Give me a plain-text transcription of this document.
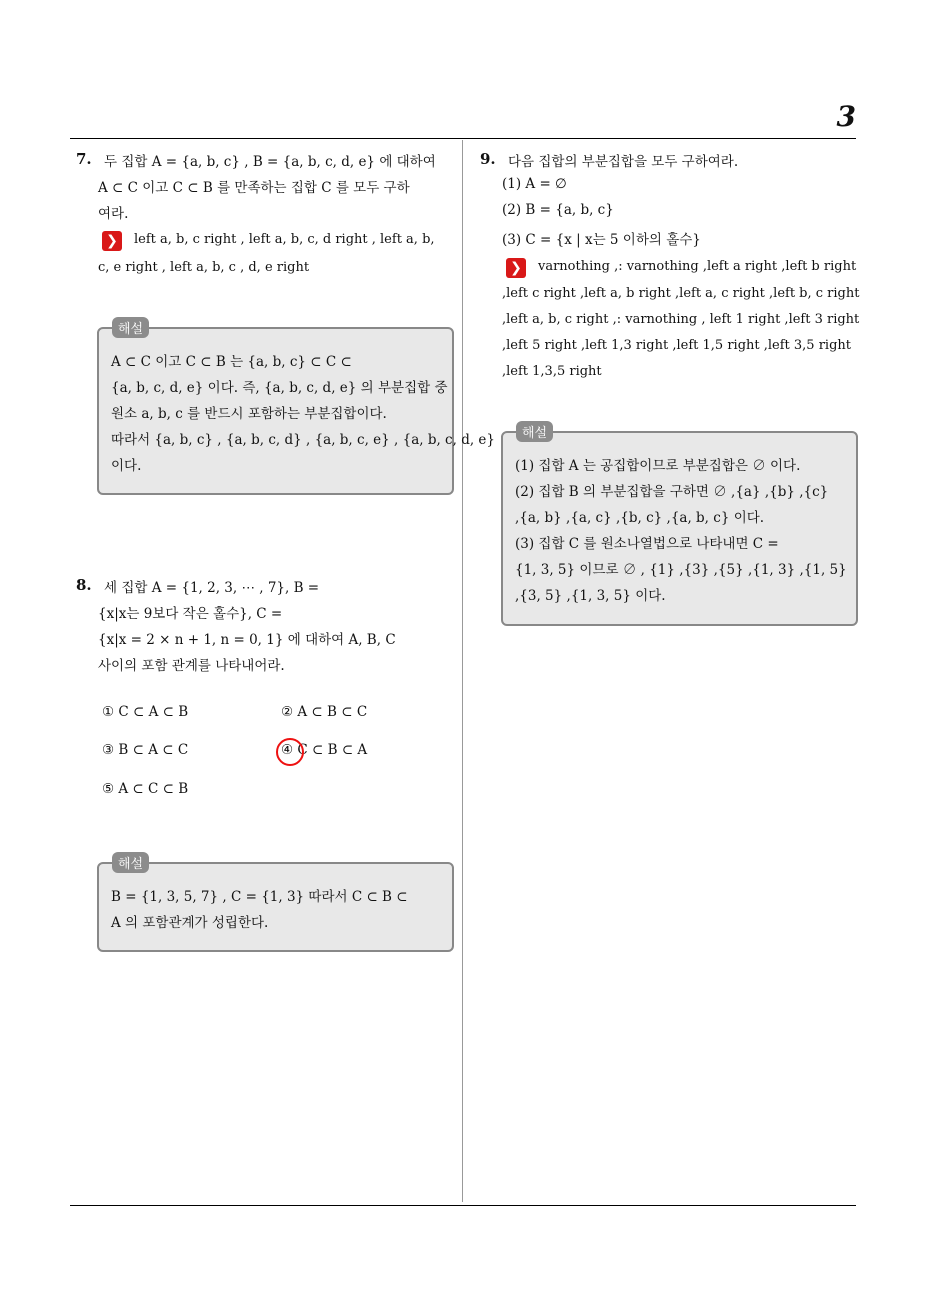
3
7. 두 집합 A = {a, b, c} , B = {a, b, c, d, e} 에 대하여
A ⊂ C 이고 C ⊂ B 를 만족하는 집합 C 를 모두 구하
여라.
❯	left a, b, c right , left a, b, c, d right , left a, b,
c, e right , left a, b, c , d, e right
해설
A ⊂ C 이고 C ⊂ B 는 {a, b, c} ⊂ C ⊂
{a, b, c, d, e} 이다. 즉, {a, b, c, d, e} 의 부분집합 중
원소 a, b, c 를 반드시 포함하는 부분집합이다.
따라서 {a, b, c} , {a, b, c, d} , {a, b, c, e} , {a, b, c, d, e}
이다.
8. 세 집합 A = {1, 2, 3, ⋯ , 7}, B =
{x|x는 9보다 작은 홀수}, C =
{x|x = 2 × n + 1, n = 0, 1} 에 대하여 A, B, C
사이의 포함 관계를 나타내어라.
① C ⊂ A ⊂ B	② A ⊂ B ⊂ C
③ B ⊂ A ⊂ C	④ C ⊂ B ⊂ A
⑤ A ⊂ C ⊂ B
해설
B = {1, 3, 5, 7} , C = {1, 3} 따라서 C ⊂ B ⊂
A 의 포함관계가 성립한다.
9. 다음 집합의 부분집합을 모두 구하여라.
(1) A = ∅
(2) B = {a, b, c}
(3) C = {x | x는 5 이하의 홀수}
❯	varnothing ,: varnothing ,left a right ,left b right
,left c right ,left a, b right ,left a, c right ,left b, c right
,left a, b, c right ,: varnothing , left 1 right ,left 3 right
,left 5 right ,left 1,3 right ,left 1,5 right ,left 3,5 right
,left 1,3,5 right
해설
(1) 집합 A 는 공집합이므로 부분집합은 ∅ 이다.
(2) 집합 B 의 부분집합을 구하면 ∅ ,{a} ,{b} ,{c}
,{a, b} ,{a, c} ,{b, c} ,{a, b, c} 이다.
(3) 집합 C 를 원소나열법으로 나타내면 C =
{1, 3, 5} 이므로 ∅ , {1} ,{3} ,{5} ,{1, 3} ,{1, 5}
,{3, 5} ,{1, 3, 5} 이다.
